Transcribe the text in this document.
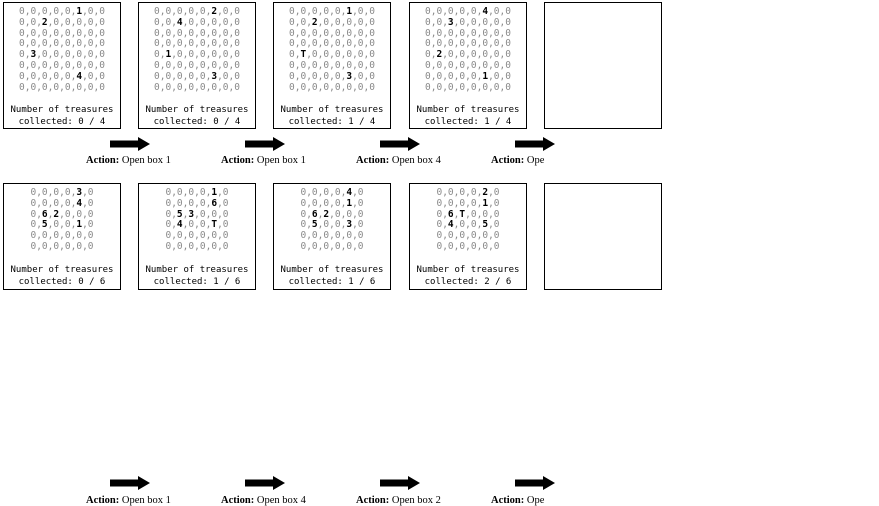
0,0,0,0,0,1,0,0
0,0,2,0,0,0,0,0
0,0,0,0,0,0,0,0
0,0,0,0,0,0,0,0
0,3,0,0,0,0,0,0
0,0,0,0,0,0,0,0
0,0,0,0,0,4,0,0
0,0,0,0,0,0,0,0
Number of treasures
collected: 0 / 4
0,0,0,0,0,2,0,0
0,0,4,0,0,0,0,0
0,0,0,0,0,0,0,0
0,0,0,0,0,0,0,0
0,1,0,0,0,0,0,0
0,0,0,0,0,0,0,0
0,0,0,0,0,3,0,0
0,0,0,0,0,0,0,0
Number of treasures
collected: 0 / 4
0,0,0,0,0,1,0,0
0,0,2,0,0,0,0,0
0,0,0,0,0,0,0,0
0,0,0,0,0,0,0,0
0,T,0,0,0,0,0,0
0,0,0,0,0,0,0,0
0,0,0,0,0,3,0,0
0,0,0,0,0,0,0,0
Number of treasures
collected: 1 / 4
0,0,0,0,0,4,0,0
0,0,3,0,0,0,0,0
0,0,0,0,0,0,0,0
0,0,0,0,0,0,0,0
0,2,0,0,0,0,0,0
0,0,0,0,0,0,0,0
0,0,0,0,0,1,0,0
0,0,0,0,0,0,0,0
Number of treasures
collected: 1 / 4
Action: Open box 1	Action: Open box 1	Action: Open box 4	Action: Ope
0,0,0,0,3,0
0,0,0,0,4,0
0,6,2,0,0,0
0,5,0,0,1,0
0,0,0,0,0,0
0,0,0,0,0,0
Number of treasures
collected: 0 / 6
0,0,0,0,1,0
0,0,0,0,6,0
0,5,3,0,0,0
0,4,0,0,T,0
0,0,0,0,0,0
0,0,0,0,0,0
Number of treasures
collected: 1 / 6
0,0,0,0,4,0
0,0,0,0,1,0
0,6,2,0,0,0
0,5,0,0,3,0
0,0,0,0,0,0
0,0,0,0,0,0
Number of treasures
collected: 1 / 6
0,0,0,0,2,0
0,0,0,0,1,0
0,6,T,0,0,0
0,4,0,0,5,0
0,0,0,0,0,0
0,0,0,0,0,0
Number of treasures
collected: 2 / 6
Action: Open box 1	Action: Open box 4	Action: Open box 2	Action: Ope
